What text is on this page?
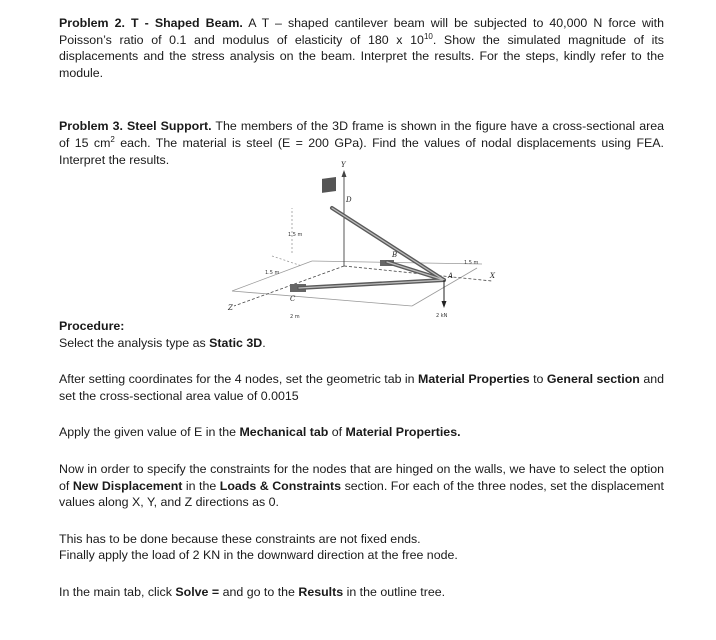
Problem 2. T - Shaped Beam. A T – shaped cantilever beam will be subjected to 40,000 N force with Poisson’s ratio of 0.1 and modulus of elasticity of 180 x $10^{10}$. Show the simulated magnitude of its displacements and the stress analysis on the beam. Interpret the results. For the steps, kindly refer to the module.

Problem 3. Steel Support. The members of the 3D frame is shown in the figure have a cross-sectional area of 15 $cm^2$ each. The material is steel (E = 200 GPa). Find the values of nodal displacements using FEA. Interpret the results.	Y
X
Z
D
B
A
C
1.5 m
1.5 m
1.5 m
2 m	2 kN

Procedure:

Select the analysis type as Static 3D.

After setting coordinates for the 4 nodes, set the geometric tab in Material Properties to General section and set the cross-sectional area value of 0.0015

Apply the given value of E in the Mechanical tab of Material Properties.

Now in order to specify the constraints for the nodes that are hinged on the walls, we have to select the option of New Displacement in the Loads & Constraints section. For each of the three nodes, set the displacement values along X, Y, and Z directions as 0.

This has to be done because these constraints are not fixed ends.

Finally apply the load of 2 KN in the downward direction at the free node.

In the main tab, click Solve = and go to the Results in the outline tree.
